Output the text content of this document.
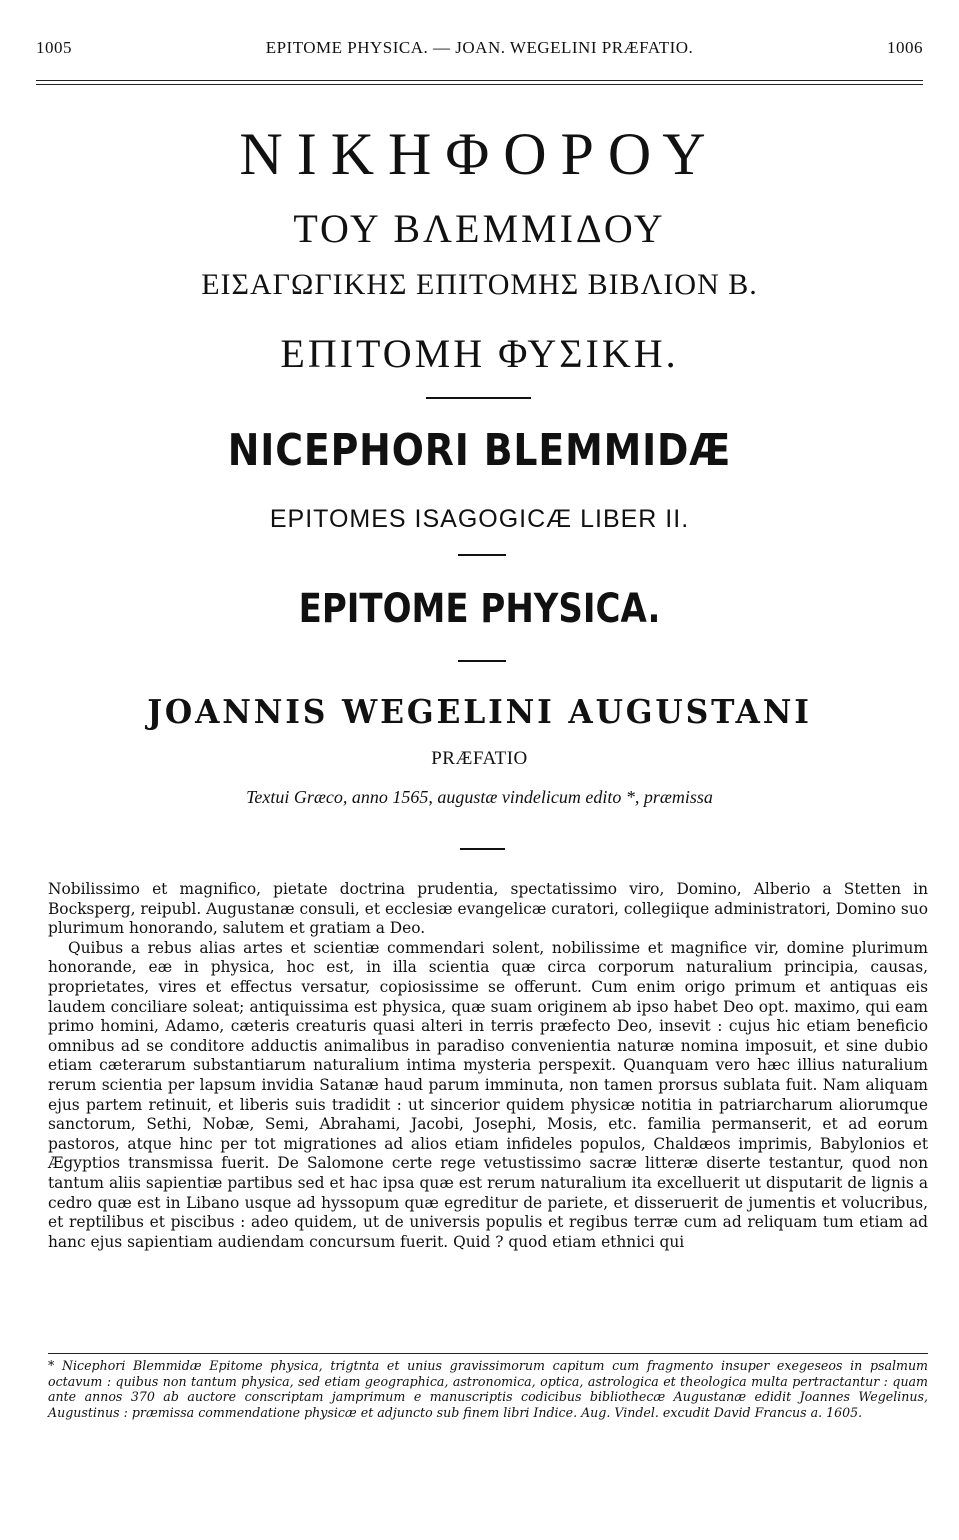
1005	EPITOME PHYSICA. — JOAN. WEGELINI PRÆFATIO.	1006
ΝΙΚΗΦΟΡΟΥ
ΤΟΥ ΒΛΕΜΜΙΔΟΥ
ΕΙΣΑΓΩΓΙΚΗΣ ΕΠΙΤΟΜΗΣ ΒΙΒΛΙΟΝ Β.
ΕΠΙΤΟΜΗ ΦΥΣΙΚΗ.
NICEPHORI BLEMMIDÆ
EPITOMES ISAGOGICÆ LIBER II.
EPITOME PHYSICA.
JOANNIS WEGELINI AUGUSTANI
PRÆFATIO
Textui Græco, anno 1565, augustæ vindelicum edito *, præmissa

Nobilissimo et magnifico, pietate doctrina prudentia, spectatissimo viro, Domino, Alberio a Stetten in Bocksperg, reipubl. Augustanæ consuli, et ecclesiæ evangelicæ curatori, collegiique administratori, Domino suo plurimum honorando, salutem et gratiam a Deo.

Quibus a rebus alias artes et scientiæ commendari solent, nobilissime et magnifice vir, domine plurimum honorande, eæ in physica, hoc est, in illa scientia quæ circa corporum naturalium principia, causas, proprietates, vires et effectus versatur, copiosissime se offerunt. Cum enim origo primum et antiquas eis laudem conciliare soleat; antiquissima est physica, quæ suam originem ab ipso habet Deo opt. maximo, qui eam primo homini, Adamo, cæteris creaturis quasi alteri in terris præfecto Deo, insevit : cujus hic etiam beneficio omnibus ad se conditore adductis animalibus in paradiso convenientia naturæ nomina imposuit, et sine dubio etiam cæterarum substantiarum naturalium intima mysteria perspexit. Quanquam vero hæc illius naturalium rerum scientia per lapsum invidia Satanæ haud parum imminuta, non tamen prorsus sublata fuit. Nam aliquam ejus partem retinuit, et liberis suis tradidit : ut sincerior quidem physicæ notitia in patriarcharum aliorumque sanctorum, Sethi, Nobæ, Semi, Abrahami, Jacobi, Josephi, Mosis, etc. familia permanserit, et ad eorum pastoros, atque hinc per tot migrationes ad alios etiam infideles populos, Chaldæos imprimis, Babylonios et Ægyptios transmissa fuerit. De Salomone certe rege vetustissimo sacræ litteræ diserte testantur, quod non tantum aliis sapientiæ partibus sed et hac ipsa quæ est rerum naturalium ita excelluerit ut disputarit de lignis a cedro quæ est in Libano usque ad hyssopum quæ egreditur de pariete, et disseruerit de jumentis et volucribus, et reptilibus et piscibus : adeo quidem, ut de universis populis et regibus terræ cum ad reliquam tum etiam ad hanc ejus sapientiam audiendam concursum fuerit. Quid ? quod etiam ethnici qui

* Nicephori Blemmidæ Epitome physica, trigtnta et unius gravissimorum capitum cum fragmento insuper exegeseos in psalmum octavum : quibus non tantum physica, sed etiam geographica, astronomica, optica, astrologica et theologica multa pertractantur : quam ante annos 370 ab auctore conscriptam jamprimum e manuscriptis codicibus bibliothecæ Augustanæ edidit Joannes Wegelinus, Augustinus : præmissa commendatione physicæ et adjuncto sub finem libri Indice. Aug. Vindel. excudit David Francus a. 1605.
